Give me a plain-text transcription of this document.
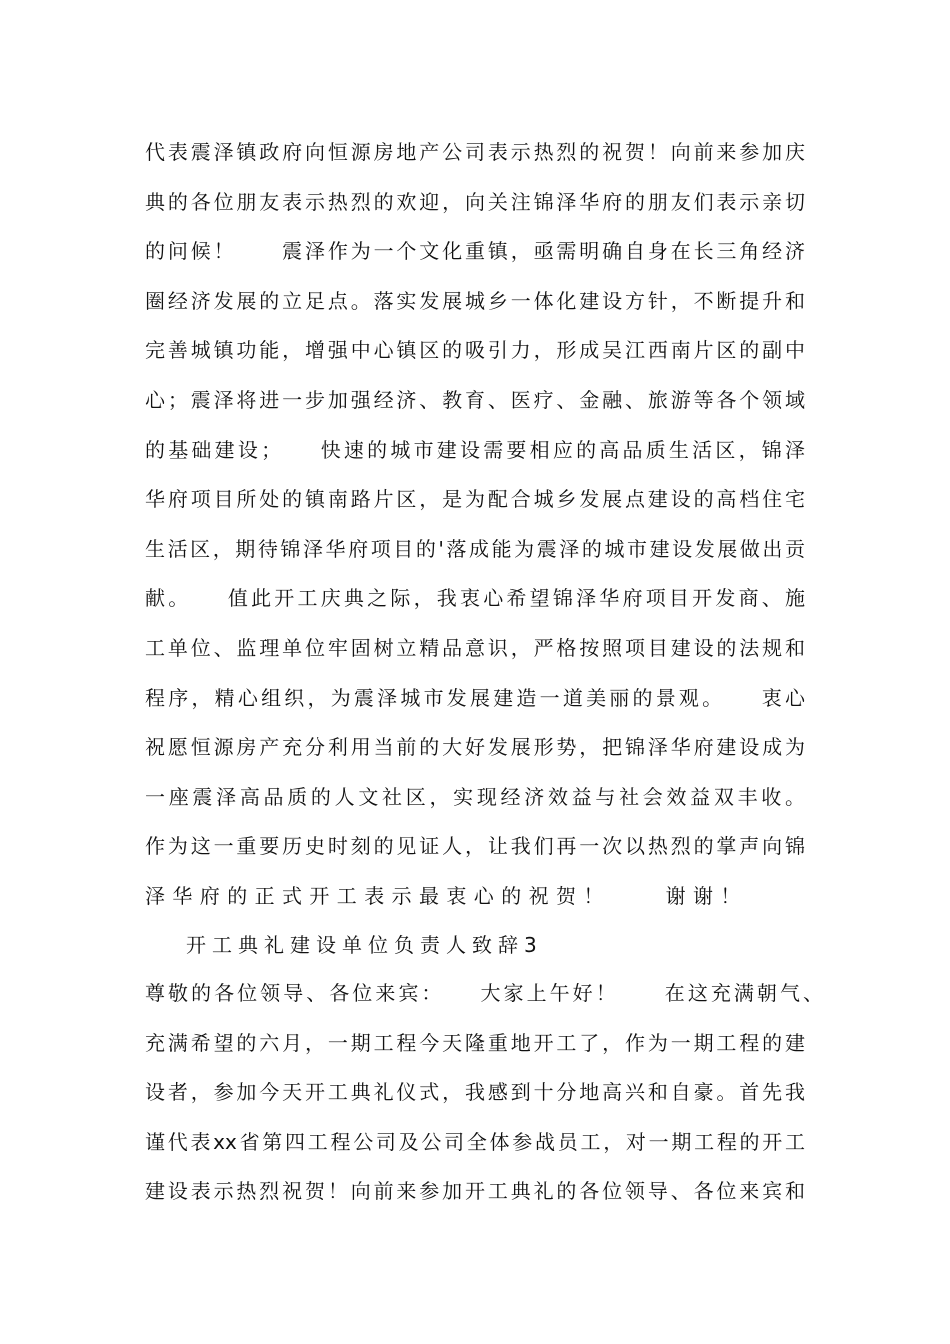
代表震泽镇政府向恒源房地产公司表示热烈的祝贺！向前来参加庆
典的各位朋友表示热烈的欢迎，向关注锦泽华府的朋友们表示亲切
的问候！　　震泽作为一个文化重镇，亟需明确自身在长三角经济
圈经济发展的立足点。落实发展城乡一体化建设方针，不断提升和
完善城镇功能，增强中心镇区的吸引力，形成吴江西南片区的副中
心；震泽将进一步加强经济、教育、医疗、金融、旅游等各个领域
的基础建设；　　快速的城市建设需要相应的高品质生活区，锦泽
华府项目所处的镇南路片区，是为配合城乡发展点建设的高档住宅
生活区，期待锦泽华府项目的'落成能为震泽的城市建设发展做出贡
献。　　值此开工庆典之际，我衷心希望锦泽华府项目开发商、施
工单位、监理单位牢固树立精品意识，严格按照项目建设的法规和
程序，精心组织，为震泽城市发展建造一道美丽的景观。　　衷心
祝愿恒源房产充分利用当前的大好发展形势，把锦泽华府建设成为
一座震泽高品质的人文社区，实现经济效益与社会效益双丰收。
作为这一重要历史时刻的见证人，让我们再一次以热烈的掌声向锦
泽华府的正式开工表示最衷心的祝贺！　　谢谢！
开工典礼建设单位负责人致辞3
尊敬的各位领导、各位来宾：　　大家上午好！　　在这充满朝气、
充满希望的六月，一期工程今天隆重地开工了，作为一期工程的建
设者，参加今天开工典礼仪式，我感到十分地高兴和自豪。首先我
谨代表xx省第四工程公司及公司全体参战员工，对一期工程的开工
建设表示热烈祝贺！向前来参加开工典礼的各位领导、各位来宾和
